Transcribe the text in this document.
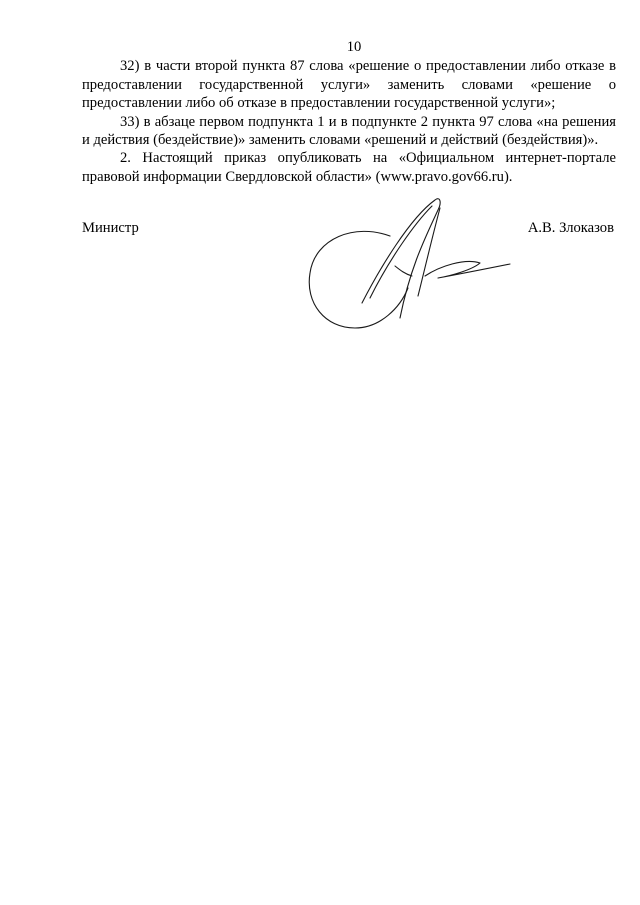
10

32) в части второй пункта 87 слова «решение о предоставлении либо отказе в предоставлении государственной услуги» заменить словами «решение о предоставлении либо об отказе в предоставлении государственной услуги»;

33) в абзаце первом подпункта 1 и в подпункте 2 пункта 97 слова «на решения и действия (бездействие)» заменить словами «решений и действий (бездействия)».

2. Настоящий приказ опубликовать на «Официальном интернет-портале правовой информации Свердловской области» (www.pravo.gov66.ru).

Министр	А.В. Злоказов
